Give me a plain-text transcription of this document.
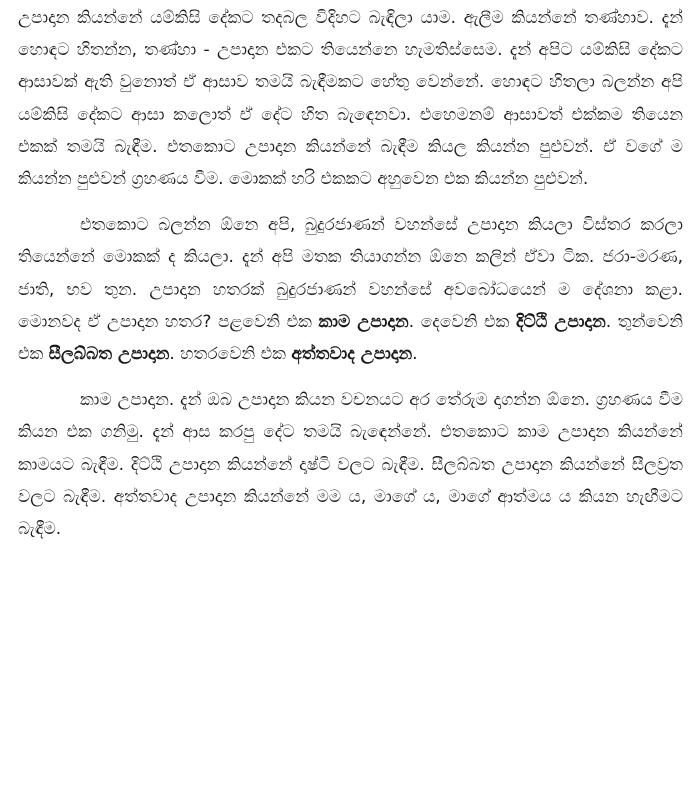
උපාදාන කියන්නේ යම්කිසි දේකට තදබල විදිහට බැඳිලා යාම. ඇලීම කියන්නේ තණ්හාව. දැන් හොඳට හිතන්න, තණ්හා - උපාදාන එකට තියෙන්නෙ හැමතිස්සෙම. දැන් අපිට යම්කිසි දේකට ආසාවක් ඇති වුනොත් ඒ ආසාව තමයි බැඳීමකට හේතු වෙන්නේ. හොඳට හිතලා බලන්න අපි යම්කිසි දේකට ආසා කලොත් ඒ දේට හිත බැඳෙනවා. එහෙමනම් ආසාවත් එක්කම තියෙන එකක් තමයි බැඳීම. එතකොට උපාදාන කියන්නේ බැඳීම කියල කියන්න පුළුවන්. ඒ වගේ ම කියන්න පුළුවන් ග්‍රහණය වීම. මොකක් හරි එකකට අහුවෙන එක කියන්න පුළුවන්.

එතකොට බලන්න ඕනෙ අපි, බුදුරජාණන් වහන්සේ උපාදාන කියලා විස්තර කරලා තියෙන්නේ මොකක් ද කියලා. දැන් අපි මතක තියාගන්න ඕනෙ කලින් ඒවා ටික. ජරා-මරණ, ජාති, භව තුන. උපාදාන හතරක් බුදුරජාණන් වහන්සේ අවබෝධයෙන් ම දේශනා කළා. මොනවද ඒ උපාදාන හතර? පළවෙනි එක කාම උපාදාන. දෙවෙනි එක දිට්ඨි උපාදාන. තුන්වෙනි එක සීලබ්බත උපාදාන. හතරවෙනි එක අත්තවාද උපාදාන.

කාම උපාදාන. දැන් ඔබ උපාදාන කියන වචනයට අර තේරුම දාගන්න ඕනෙ. ග්‍රහණය වීම කියන එක ගනිමු. දැන් ආස කරපු දේට තමයි බැඳෙන්නේ. එතකොට කාම උපාදාන කියන්නේ කාමයට බැඳීම. දිට්ඨි උපාදාන කියන්නේ දෘෂ්ටි වලට බැඳීම. සීලබ්බත උපාදාන කියන්නේ සීලව්‍රත වලට බැඳීම. අත්තවාද උපාදාන කියන්නේ මම ය, මාගේ ය, මාගේ ආත්මය ය කියන හැඟීමට බැඳීම.
